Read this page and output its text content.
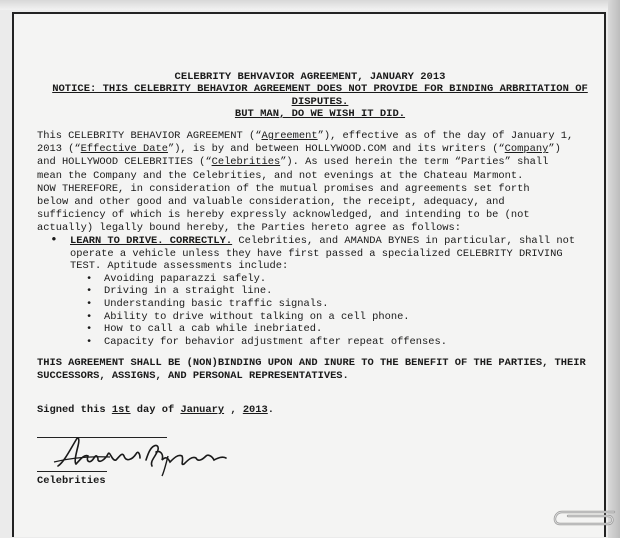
CELEBRITY BEHVAVIOR AGREEMENT, JANUARY 2013
NOTICE: THIS CELEBRITY BEHAVIOR AGREEMENT DOES NOT PROVIDE FOR BINDING ARBRITATION OF
DISPUTES.
BUT MAN, DO WE WISH IT DID.
This CELEBRITY BEHAVIOR AGREEMENT (“Agreement”), effective as of the day of January 1,
2013 (“Effective Date”), is by and between HOLLYWOOD.COM and its writers (“Company”)
and HOLLYWOOD CELEBRITIES (“Celebrities”). As used herein the term “Parties” shall
mean the Company and the Celebrities, and not evenings at the Chateau Marmont.
NOW THEREFORE, in consideration of the mutual promises and agreements set forth
below and other good and valuable consideration, the receipt, adequacy, and
sufficiency of which is hereby expressly acknowledged, and intending to be (not
actually) legally bound hereby, the Parties hereto agree as follows:
• LEARN TO DRIVE. CORRECTLY. Celebrities, and AMANDA BYNES in particular, shall not
operate a vehicle unless they have first passed a specialized CELEBRITY DRIVING
TEST. Aptitude assessments include:
• Avoiding paparazzi safely.
• Driving in a straight line.
• Understanding basic traffic signals.
• Ability to drive without talking on a cell phone.
• How to call a cab while inebriated.
• Capacity for behavior adjustment after repeat offenses.
THIS AGREEMENT SHALL BE (NON)BINDING UPON AND INURE TO THE BENEFIT OF THE PARTIES, THEIR
SUCCESSORS, ASSIGNS, AND PERSONAL REPRESENTATIVES.
Signed this 1st day of January , 2013.
Celebrities
